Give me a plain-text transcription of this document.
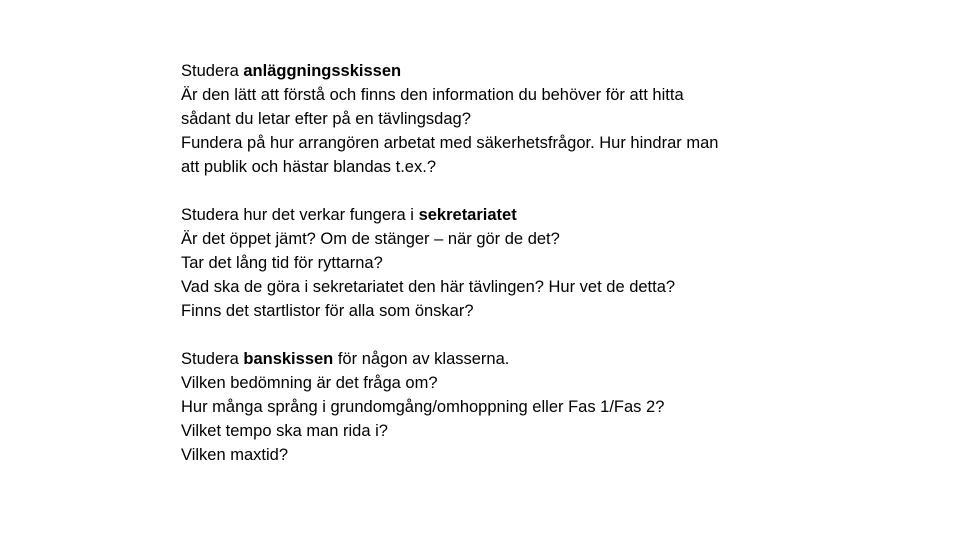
Studera anläggningsskissen
Är den lätt att förstå och finns den information du behöver för att hitta
sådant du letar efter på en tävlingsdag?
Fundera på hur arrangören arbetat med säkerhetsfrågor. Hur hindrar man
att publik och hästar blandas t.ex.?
Studera hur det verkar fungera i sekretariatet
Är det öppet jämt? Om de stänger – när gör de det?
Tar det lång tid för ryttarna?
Vad ska de göra i sekretariatet den här tävlingen? Hur vet de detta?
Finns det startlistor för alla som önskar?
Studera banskissen för någon av klasserna.
Vilken bedömning är det fråga om?
Hur många språng i grundomgång/omhoppning eller Fas 1/Fas 2?
Vilket tempo ska man rida i?
Vilken maxtid?
